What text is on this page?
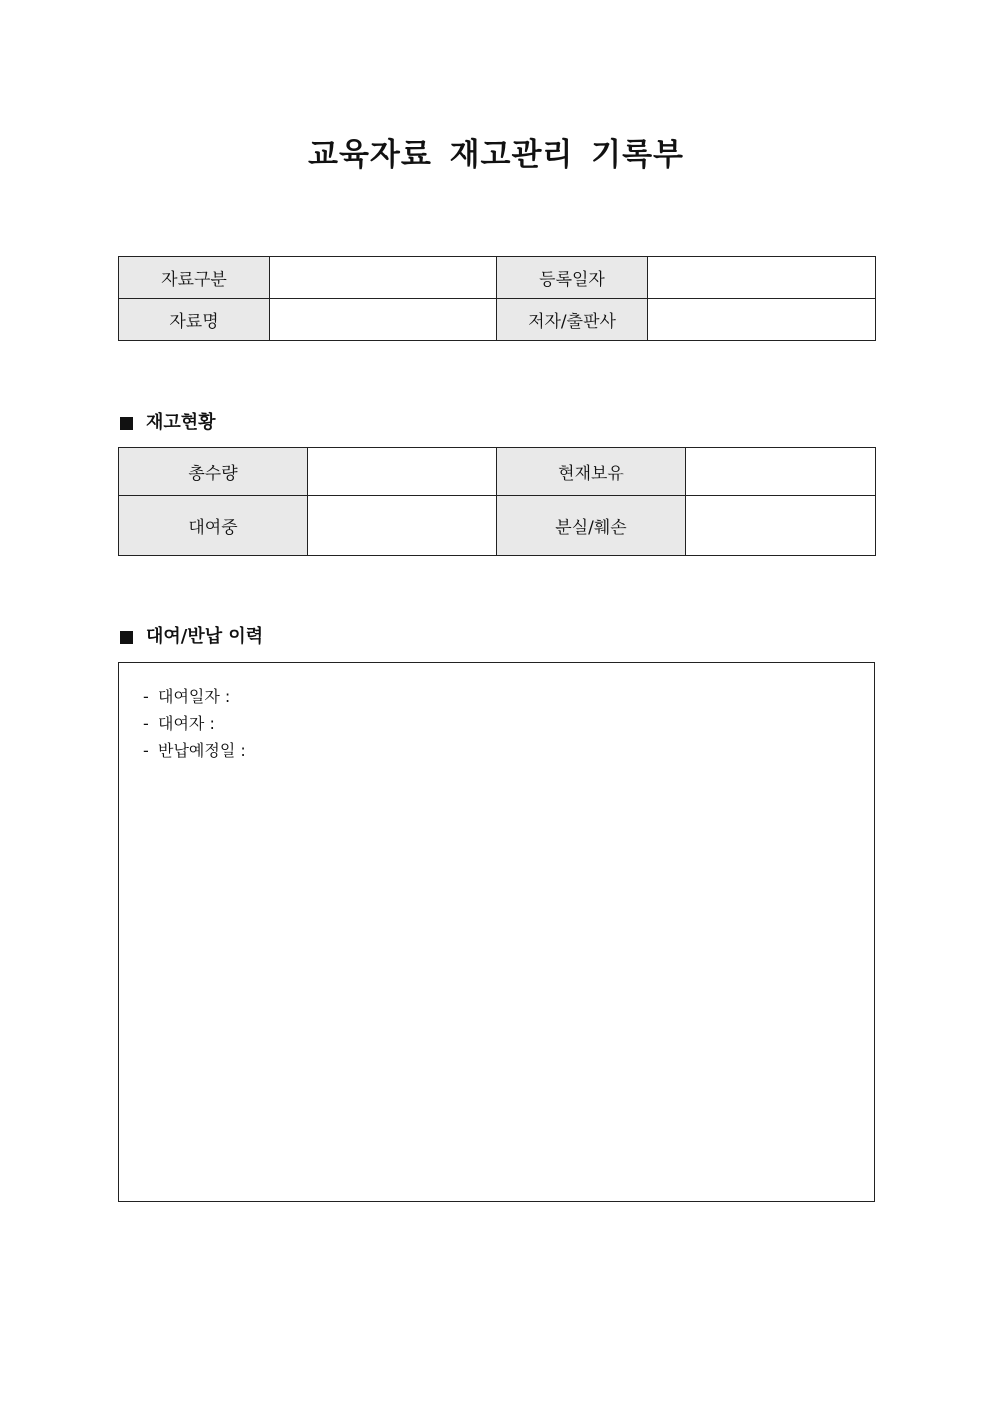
교육자료 재고관리 기록부
자료구분		등록일자	
자료명		저자/출판사	
재고현황
총수량		현재보유	
대여중		분실/훼손	
대여/반납 이력
- 대여일자 :
- 대여자 :
- 반납예정일 :
